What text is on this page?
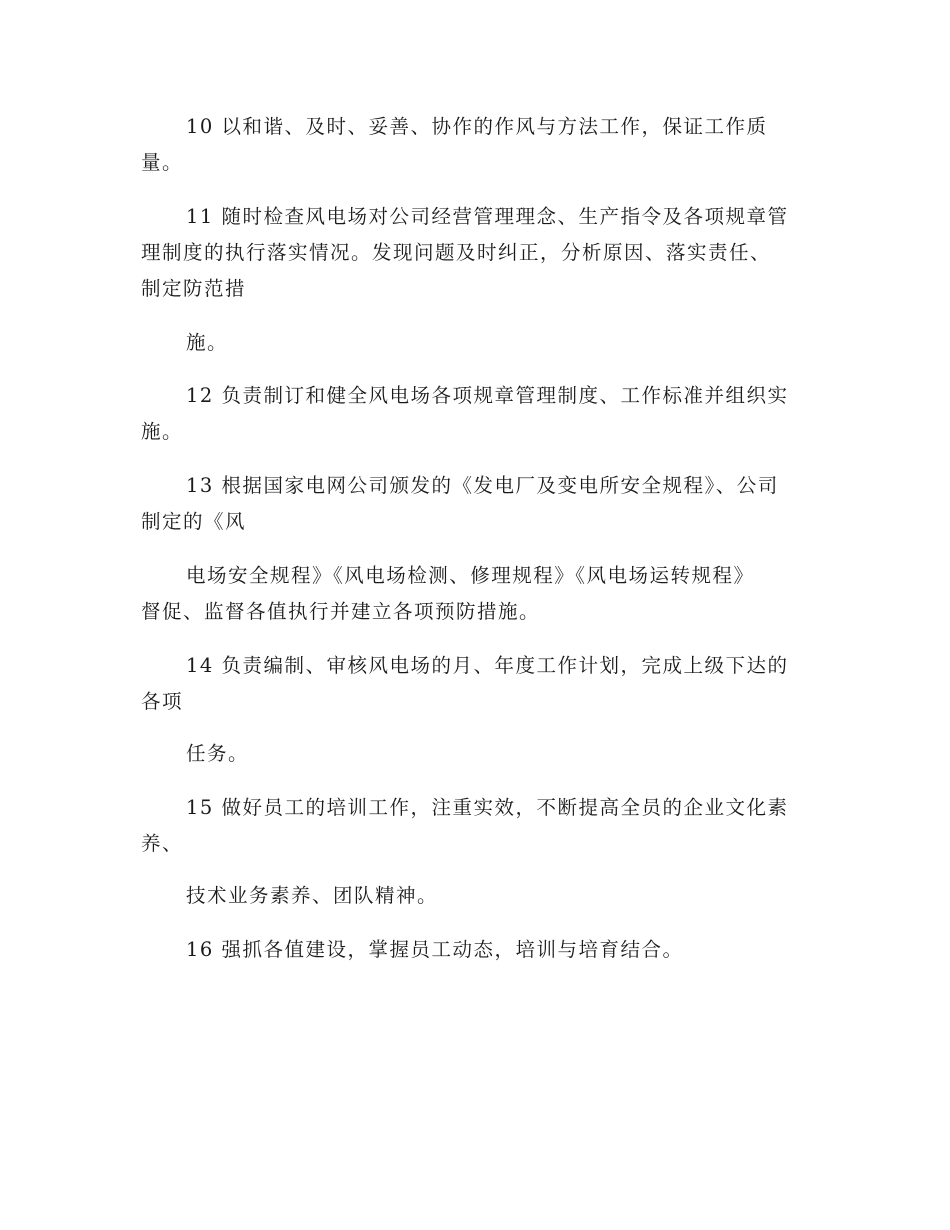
10 以和谐、及时、妥善、协作的作风与方法工作，保证工作质
量。
11 随时检查风电场对公司经营管理理念、生产指令及各项规章管
理制度的执行落实情况。发现问题及时纠正，分析原因、落实责任、
制定防范措
施。
12 负责制订和健全风电场各项规章管理制度、工作标准并组织实
施。
13 根据国家电网公司颁发的《发电厂及变电所安全规程》、公司
制定的《风
电场安全规程》《风电场检测、修理规程》《风电场运转规程》
督促、监督各值执行并建立各项预防措施。
14 负责编制、审核风电场的月、年度工作计划，完成上级下达的
各项
任务。
15 做好员工的培训工作，注重实效，不断提高全员的企业文化素
养、
技术业务素养、团队精神。
16 强抓各值建设，掌握员工动态，培训与培育结合。
